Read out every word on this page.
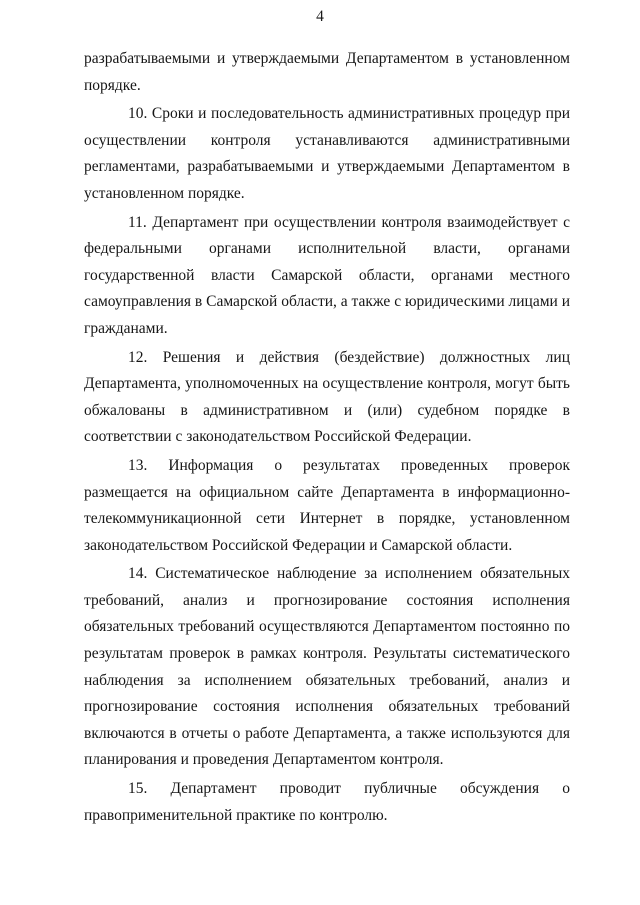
4

разрабатываемыми и утверждаемыми Департаментом в установленном порядке.

10. Сроки и последовательность административных процедур при осуществлении контроля устанавливаются административными регламентами, разрабатываемыми и утверждаемыми Департаментом в установленном порядке.

11. Департамент при осуществлении контроля взаимодействует с федеральными органами исполнительной власти, органами государственной власти Самарской области, органами местного самоуправления в Самарской области, а также с юридическими лицами и гражданами.

12. Решения и действия (бездействие) должностных лиц Департамента, уполномоченных на осуществление контроля, могут быть обжалованы в административном и (или) судебном порядке в соответствии с законодательством Российской Федерации.

13. Информация о результатах проведенных проверок размещается на официальном сайте Департамента в информационно-телекоммуникационной сети Интернет в порядке, установленном законодательством Российской Федерации и Самарской области.

14. Систематическое наблюдение за исполнением обязательных требований, анализ и прогнозирование состояния исполнения обязательных требований осуществляются Департаментом постоянно по результатам проверок в рамках контроля. Результаты систематического наблюдения за исполнением обязательных требований, анализ и прогнозирование состояния исполнения обязательных требований включаются в отчеты о работе Департамента, а также используются для планирования и проведения Департаментом контроля.

15. Департамент проводит публичные обсуждения о правоприменительной практике по контролю.
